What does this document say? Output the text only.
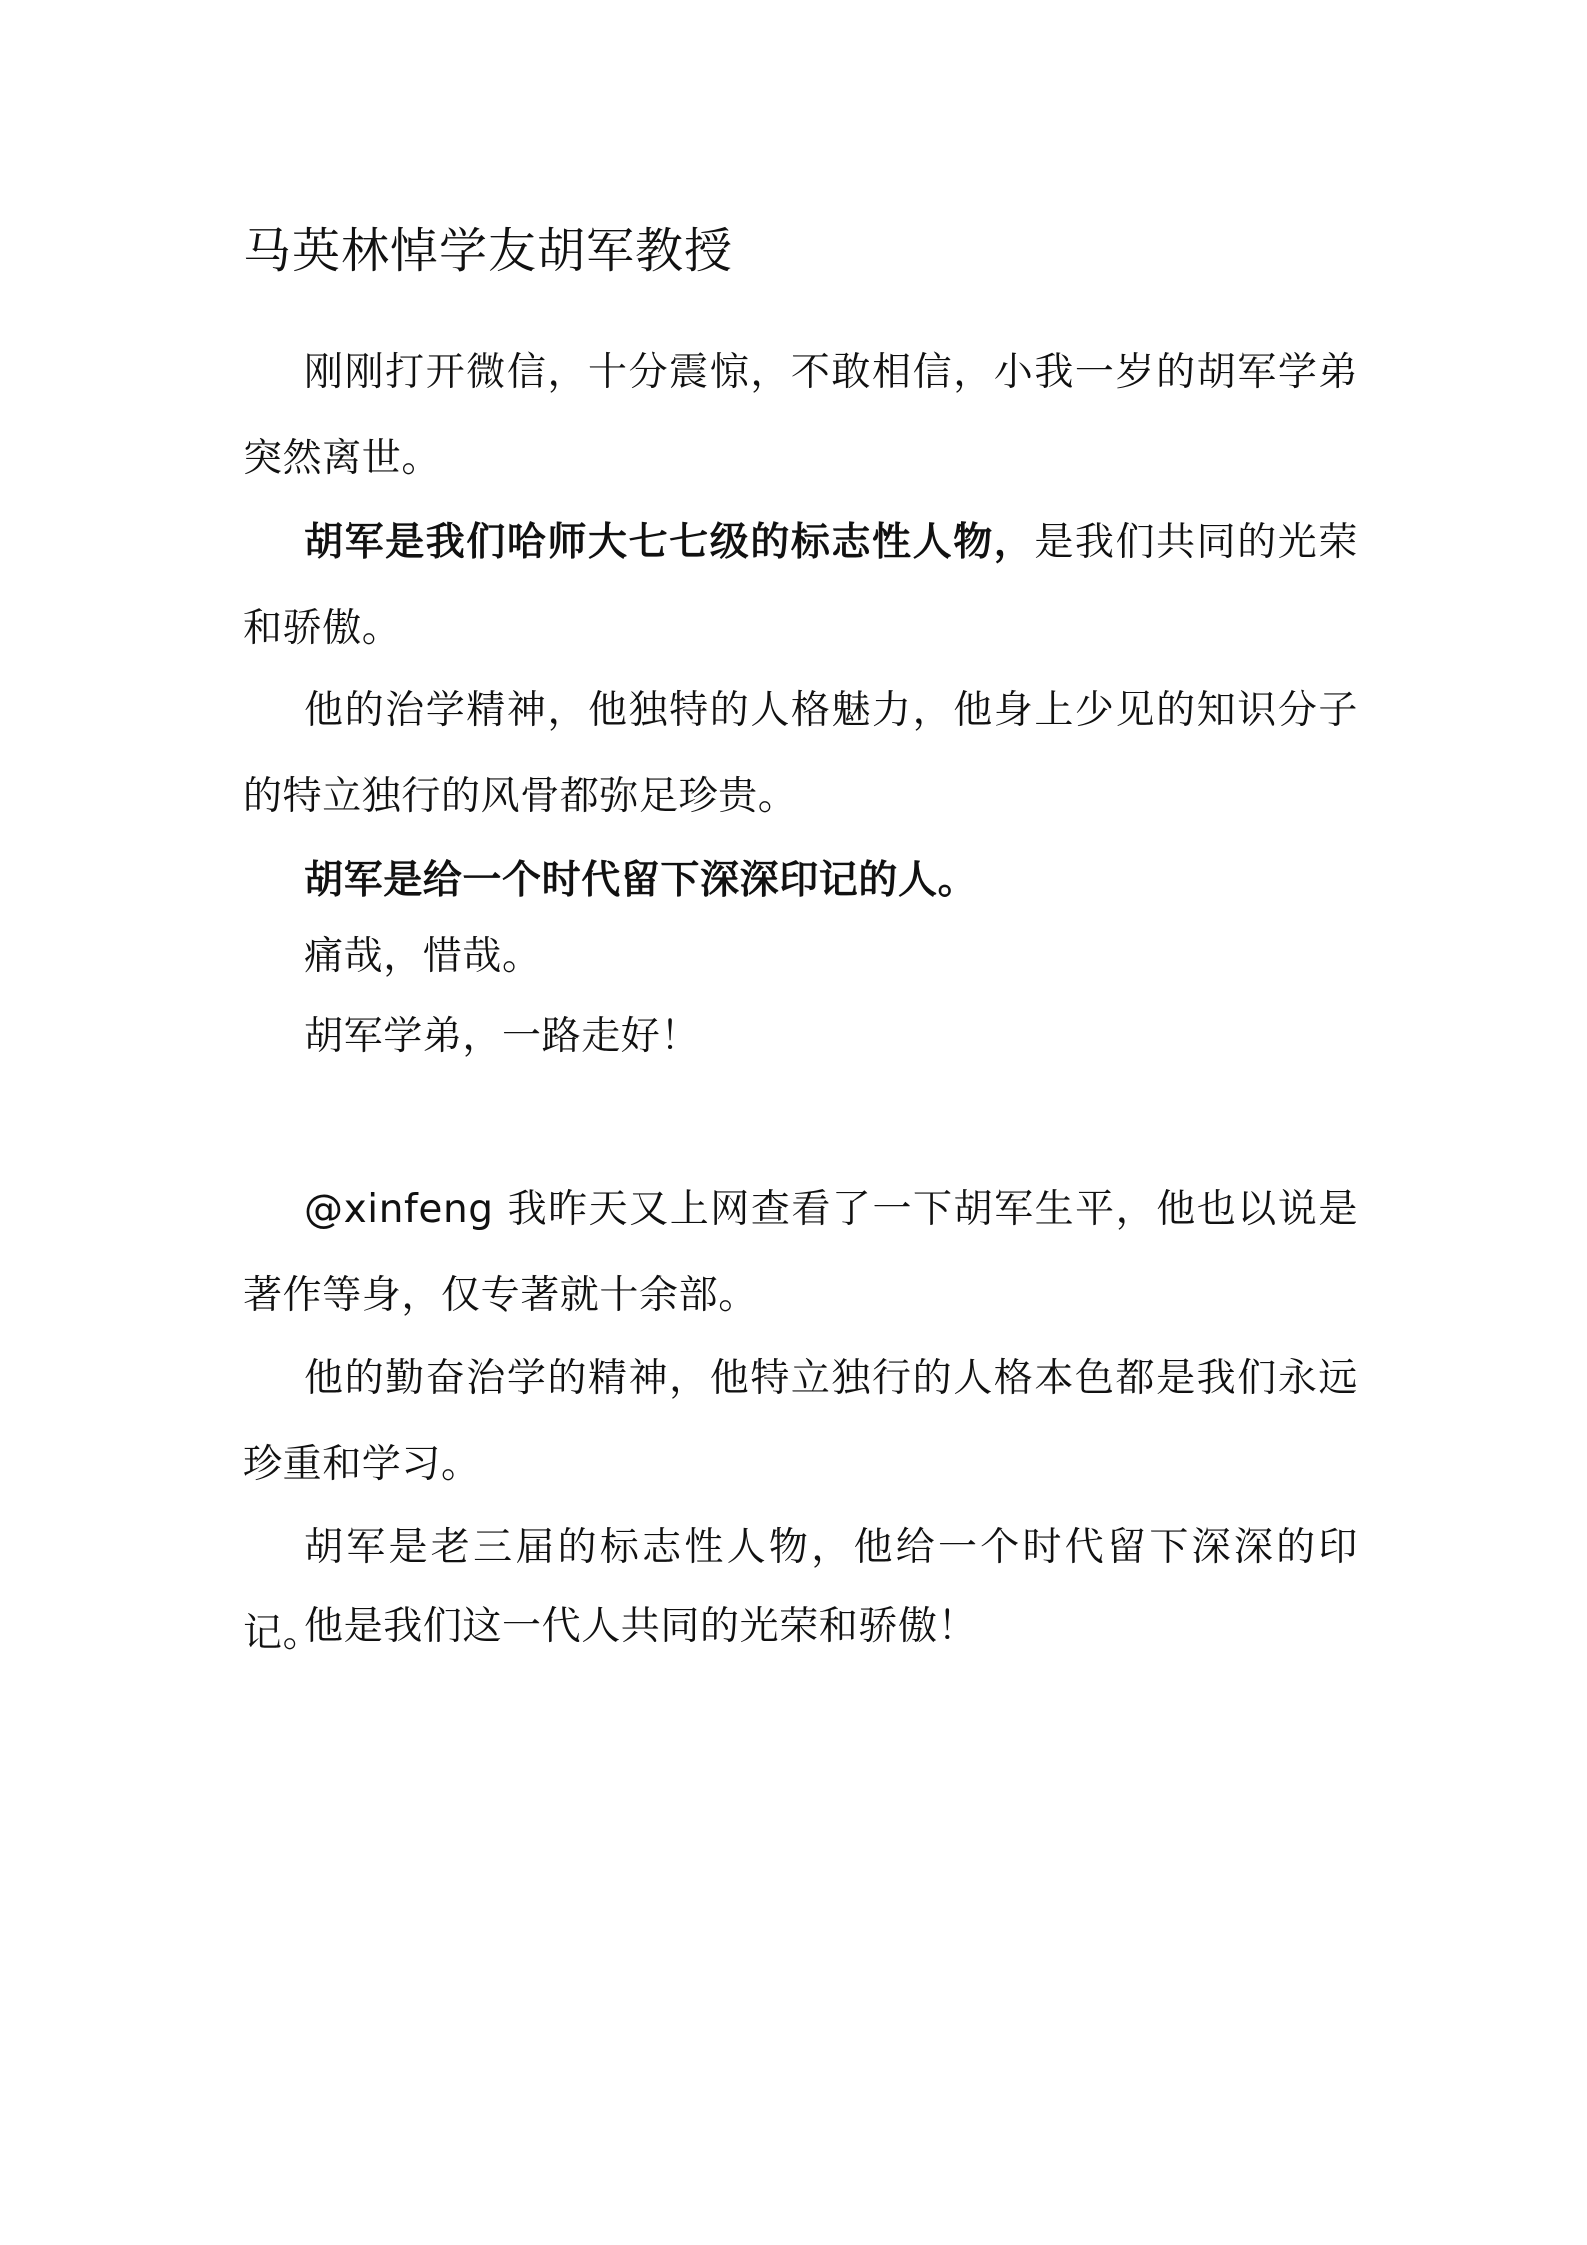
马英林悼学友胡军教授

刚刚打开微信，十分震惊，不敢相信，小我一岁的胡军学弟突然离世。

胡军是我们哈师大七七级的标志性人物，是我们共同的光荣和骄傲。

他的治学精神，他独特的人格魅力，他身上少见的知识分子的特立独行的风骨都弥足珍贵。

胡军是给一个时代留下深深印记的人。

痛哉，惜哉。

胡军学弟，一路走好！

@xinfeng 我昨天又上网查看了一下胡军生平，他也以说是著作等身，仅专著就十余部。

他的勤奋治学的精神，他特立独行的人格本色都是我们永远珍重和学习。

胡军是老三届的标志性人物，他给一个时代留下深深的印记。

他是我们这一代人共同的光荣和骄傲！
